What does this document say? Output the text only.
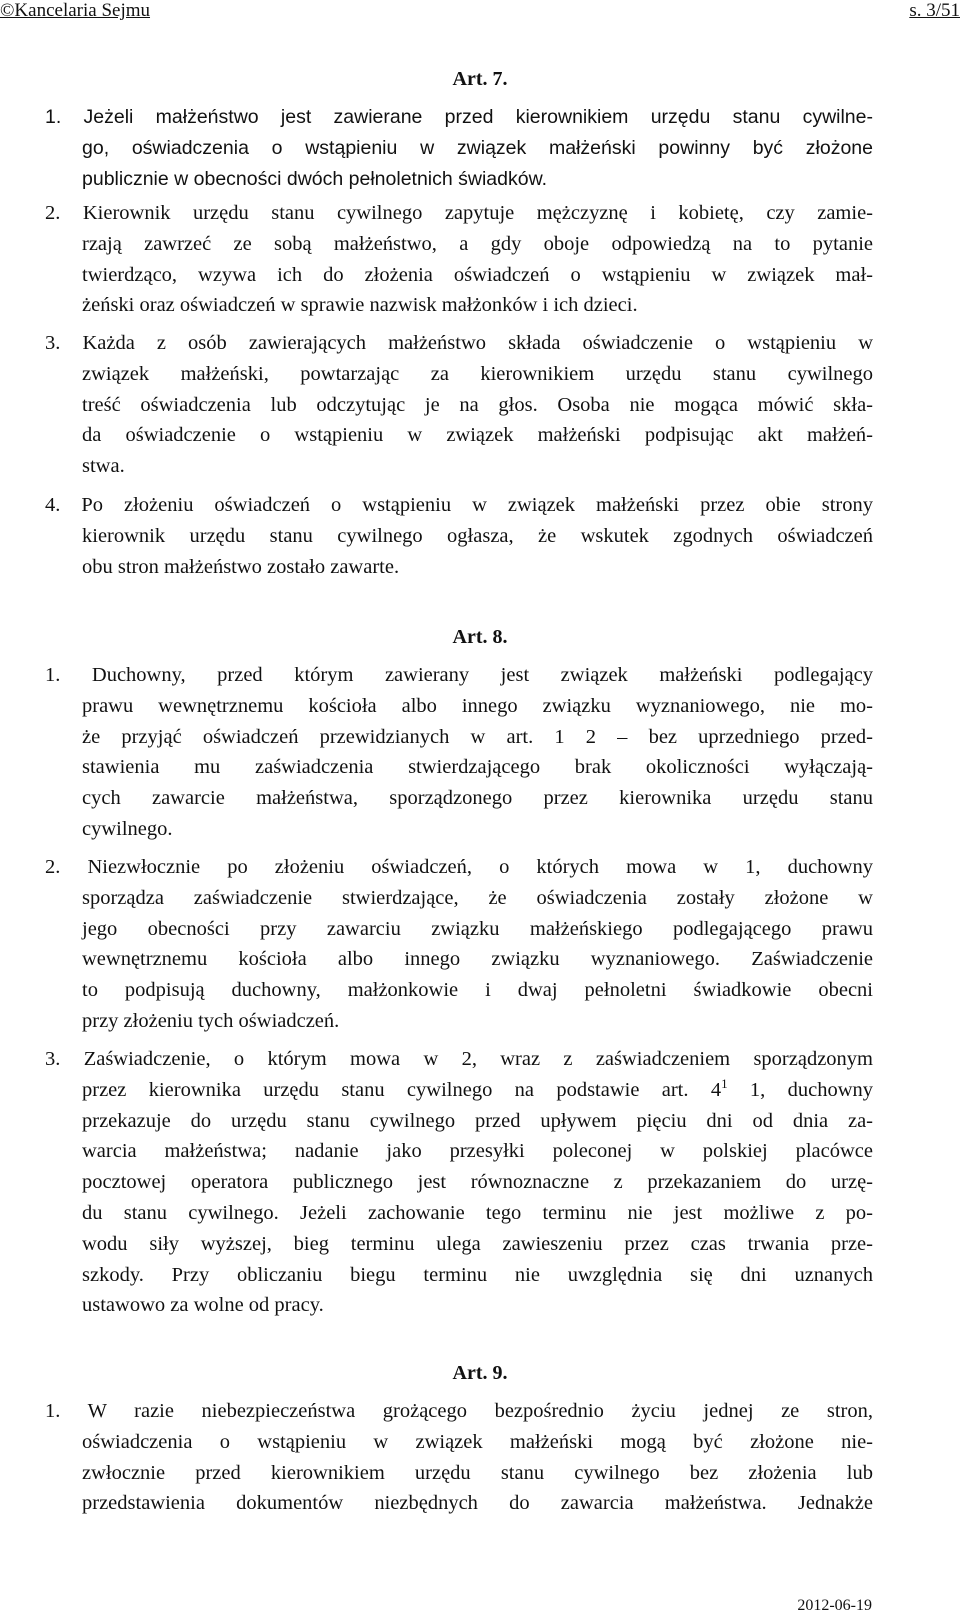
©Kancelaria Sejmu	s. 3/51
Art. 7.
1. Jeżeli małżeństwo jest zawierane przed kierownikiem urzędu stanu cywilne-
go, oświadczenia o wstąpieniu w związek małżeński powinny być złożone
publicznie w obecności dwóch pełnoletnich świadków.
2. Kierownik urzędu stanu cywilnego zapytuje mężczyznę i kobietę, czy zamie-
rzają zawrzeć ze sobą małżeństwo, a gdy oboje odpowiedzą na to pytanie
twierdząco, wzywa ich do złożenia oświadczeń o wstąpieniu w związek mał-
żeński oraz oświadczeń w sprawie nazwisk małżonków i ich dzieci.
3. Każda z osób zawierających małżeństwo składa oświadczenie o wstąpieniu w
związek małżeński, powtarzając za kierownikiem urzędu stanu cywilnego
treść oświadczenia lub odczytując je na głos. Osoba nie mogąca mówić skła-
da oświadczenie o wstąpieniu w związek małżeński podpisując akt małżeń-
stwa.
4. Po złożeniu oświadczeń o wstąpieniu w związek małżeński przez obie strony
kierownik urzędu stanu cywilnego ogłasza, że wskutek zgodnych oświadczeń
obu stron małżeństwo zostało zawarte.
Art. 8.
1. Duchowny, przed którym zawierany jest związek małżeński podlegający
prawu wewnętrznemu kościoła albo innego związku wyznaniowego, nie mo-
że przyjąć oświadczeń przewidzianych w art. 1 2 – bez uprzedniego przed-
stawienia mu zaświadczenia stwierdzającego brak okoliczności wyłączają-
cych zawarcie małżeństwa, sporządzonego przez kierownika urzędu stanu
cywilnego.
2. Niezwłocznie po złożeniu oświadczeń, o których mowa w 1, duchowny
sporządza zaświadczenie stwierdzające, że oświadczenia zostały złożone w
jego obecności przy zawarciu związku małżeńskiego podlegającego prawu
wewnętrznemu kościoła albo innego związku wyznaniowego. Zaświadczenie
to podpisują duchowny, małżonkowie i dwaj pełnoletni świadkowie obecni
przy złożeniu tych oświadczeń.
3. Zaświadczenie, o którym mowa w 2, wraz z zaświadczeniem sporządzonym
przez kierownika urzędu stanu cywilnego na podstawie art. $4^1$ 1, duchowny
przekazuje do urzędu stanu cywilnego przed upływem pięciu dni od dnia za-
warcia małżeństwa; nadanie jako przesyłki poleconej w polskiej placówce
pocztowej operatora publicznego jest równoznaczne z przekazaniem do urzę-
du stanu cywilnego. Jeżeli zachowanie tego terminu nie jest możliwe z po-
wodu siły wyższej, bieg terminu ulega zawieszeniu przez czas trwania prze-
szkody. Przy obliczaniu biegu terminu nie uwzględnia się dni uznanych
ustawowo za wolne od pracy.
Art. 9.
1. W razie niebezpieczeństwa grożącego bezpośrednio życiu jednej ze stron,
oświadczenia o wstąpieniu w związek małżeński mogą być złożone nie-
zwłocznie przed kierownikiem urzędu stanu cywilnego bez złożenia lub
przedstawienia dokumentów niezbędnych do zawarcia małżeństwa. Jednakże
2012-06-19
